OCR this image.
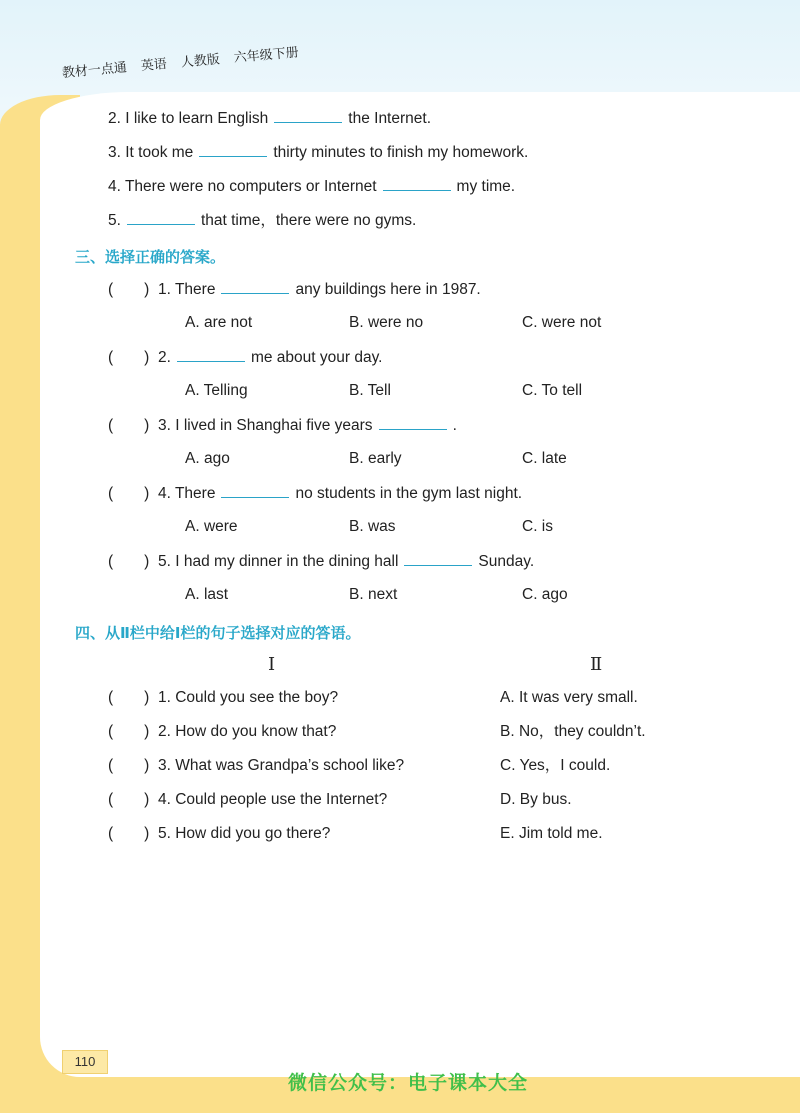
教材一点通 英语 人教版 六年级下册
2. I like to learn English	the Internet.
3. It took me	thirty minutes to finish my homework.
4. There were no computers or Internet	my time.
5.	that time，there were no gyms.
三、选择正确的答案。
(　　) 1. There	any buildings here in 1987.
A. are not	B. were no	C. were not
(　　) 2.	me about your day.
A. Telling	B. Tell	C. To tell
(　　) 3. I lived in Shanghai five years	.
A. ago	B. early	C. late
(　　) 4. There	no students in the gym last night.
A. were	B. was	C. is
(　　) 5. I had my dinner in the dining hall	Sunday.
A. last	B. next	C. ago
四、从Ⅱ栏中给Ⅰ栏的句子选择对应的答语。
Ⅰ	Ⅱ
(　　) 1. Could you see the boy?	A. It was very small.
(　　) 2. How do you know that?	B. No，they couldn’t.
(　　) 3. What was Grandpa’s school like?	C. Yes，I could.
(　　) 4. Could people use the Internet?	D. By bus.
(　　) 5. How did you go there?	E. Jim told me.
110
微信公众号：电子课本大全
